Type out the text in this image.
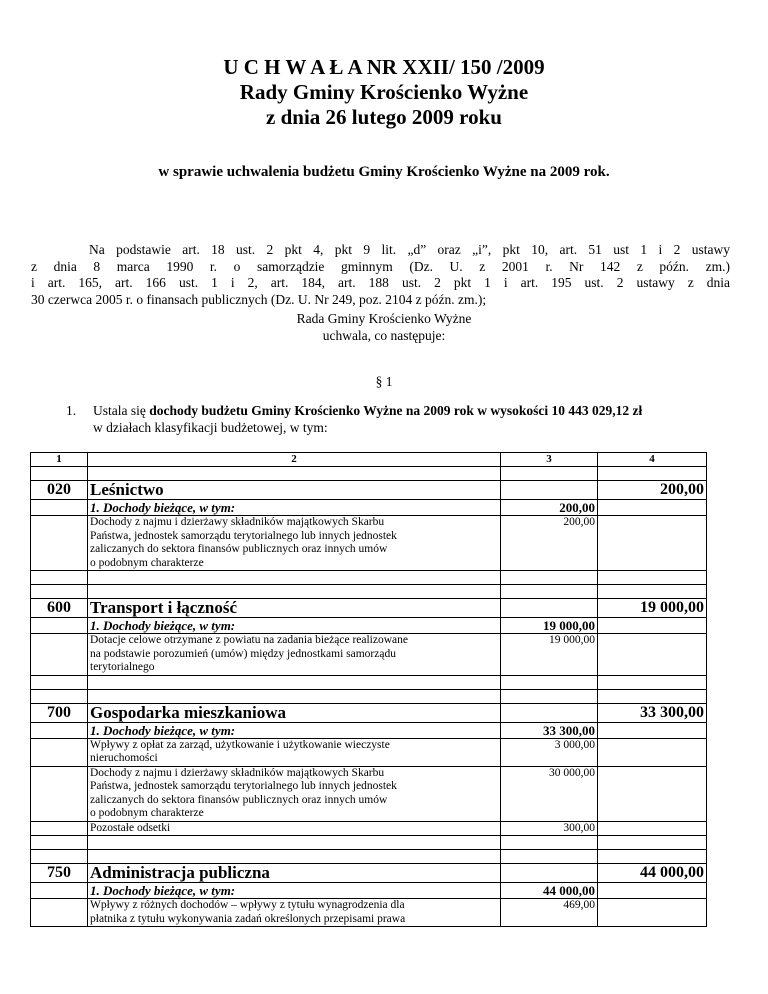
U C H W A Ł A NR XXII/ 150 /2009
Rady Gminy Krościenko Wyżne
z dnia 26 lutego 2009 roku
w sprawie uchwalenia budżetu Gminy Krościenko Wyżne na 2009 rok.
Na podstawie art. 18 ust. 2 pkt 4, pkt 9 lit. „d” oraz „i”, pkt 10, art. 51 ust 1 i 2 ustawy
z dnia 8 marca 1990 r. o samorządzie gminnym (Dz. U. z 2001 r. Nr 142 z późn. zm.)
i art. 165, art. 166 ust. 1 i 2, art. 184, art. 188 ust. 2 pkt 1 i art. 195 ust. 2 ustawy z dnia
30 czerwca 2005 r. o finansach publicznych (Dz. U. Nr 249, poz. 2104 z późn. zm.);
Rada Gminy Krościenko Wyżne
uchwala, co następuje:
§ 1
1. Ustala się dochody budżetu Gminy Krościenko Wyżne na 2009 rok w wysokości 10 443 029,12 zł
w działach klasyfikacji budżetowej, w tym:
1	2	3	4

020	Leśnictwo		200,00
	1. Dochody bieżące, w tym:	200,00	
	Dochody z najmu i dzierżawy składników majątkowych Skarbu
Państwa, jednostek samorządu terytorialnego lub innych jednostek
zaliczanych do sektora finansów publicznych oraz innych umów
o podobnym charakterze	200,00	

600	Transport i łączność		19 000,00
	1. Dochody bieżące, w tym:	19 000,00	
	Dotacje celowe otrzymane z powiatu na zadania bieżące realizowane
na podstawie porozumień (umów) między jednostkami samorządu
terytorialnego	19 000,00	

700	Gospodarka mieszkaniowa		33 300,00
	1. Dochody bieżące, w tym:	33 300,00	
	Wpływy z opłat za zarząd, użytkowanie i użytkowanie wieczyste
nieruchomości	3 000,00	
	Dochody z najmu i dzierżawy składników majątkowych Skarbu
Państwa, jednostek samorządu terytorialnego lub innych jednostek
zaliczanych do sektora finansów publicznych oraz innych umów
o podobnym charakterze	30 000,00	
	Pozostałe odsetki	300,00	

750	Administracja publiczna		44 000,00
	1. Dochody bieżące, w tym:	44 000,00	
	Wpływy z różnych dochodów – wpływy z tytułu wynagrodzenia dla
płatnika z tytułu wykonywania zadań określonych przepisami prawa	469,00	
